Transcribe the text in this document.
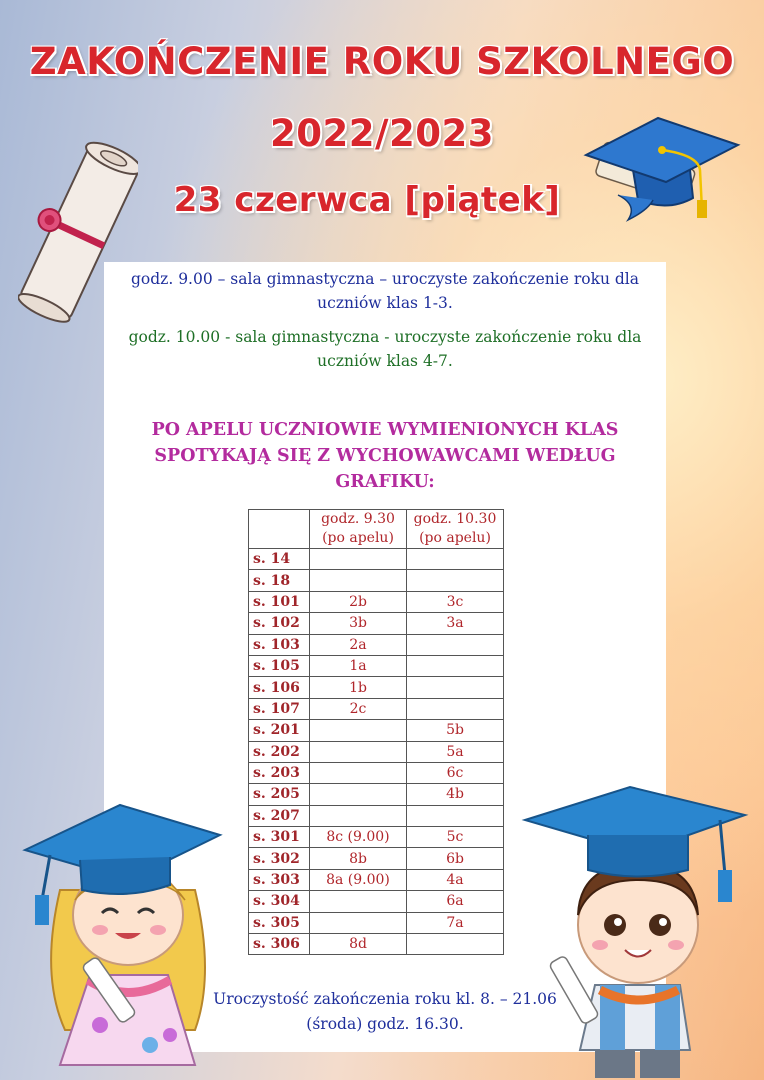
ZAKOŃCZENIE ROKU SZKOLNEGO
2022/2023
23 czerwca [piątek]

godz. 9.00 – sala gimnastyczna – uroczyste zakończenie roku dla uczniów klas 1-3.

godz. 10.00 - sala gimnastyczna - uroczyste zakończenie roku dla uczniów klas 4-7.

PO APELU UCZNIOWIE WYMIENIONYCH KLAS SPOTYKAJĄ SIĘ Z WYCHOWAWCAMI WEDŁUG GRAFIKU:
	godz. 9.30 (po apelu)	godz. 10.30 (po apelu)
s. 14		
s. 18		
s. 101	2b	3c
s. 102	3b	3a
s. 103	2a	
s. 105	1a	
s. 106	1b	
s. 107	2c	
s. 201		5b
s. 202		5a
s. 203		6c
s. 205		4b
s. 207		
s. 301	8c (9.00)	5c
s. 302	8b	6b
s. 303	8a (9.00)	4a
s. 304		6a
s. 305		7a
s. 306	8d	
Uroczystość zakończenia roku kl. 8. – 21.06
(środa) godz. 16.30.
